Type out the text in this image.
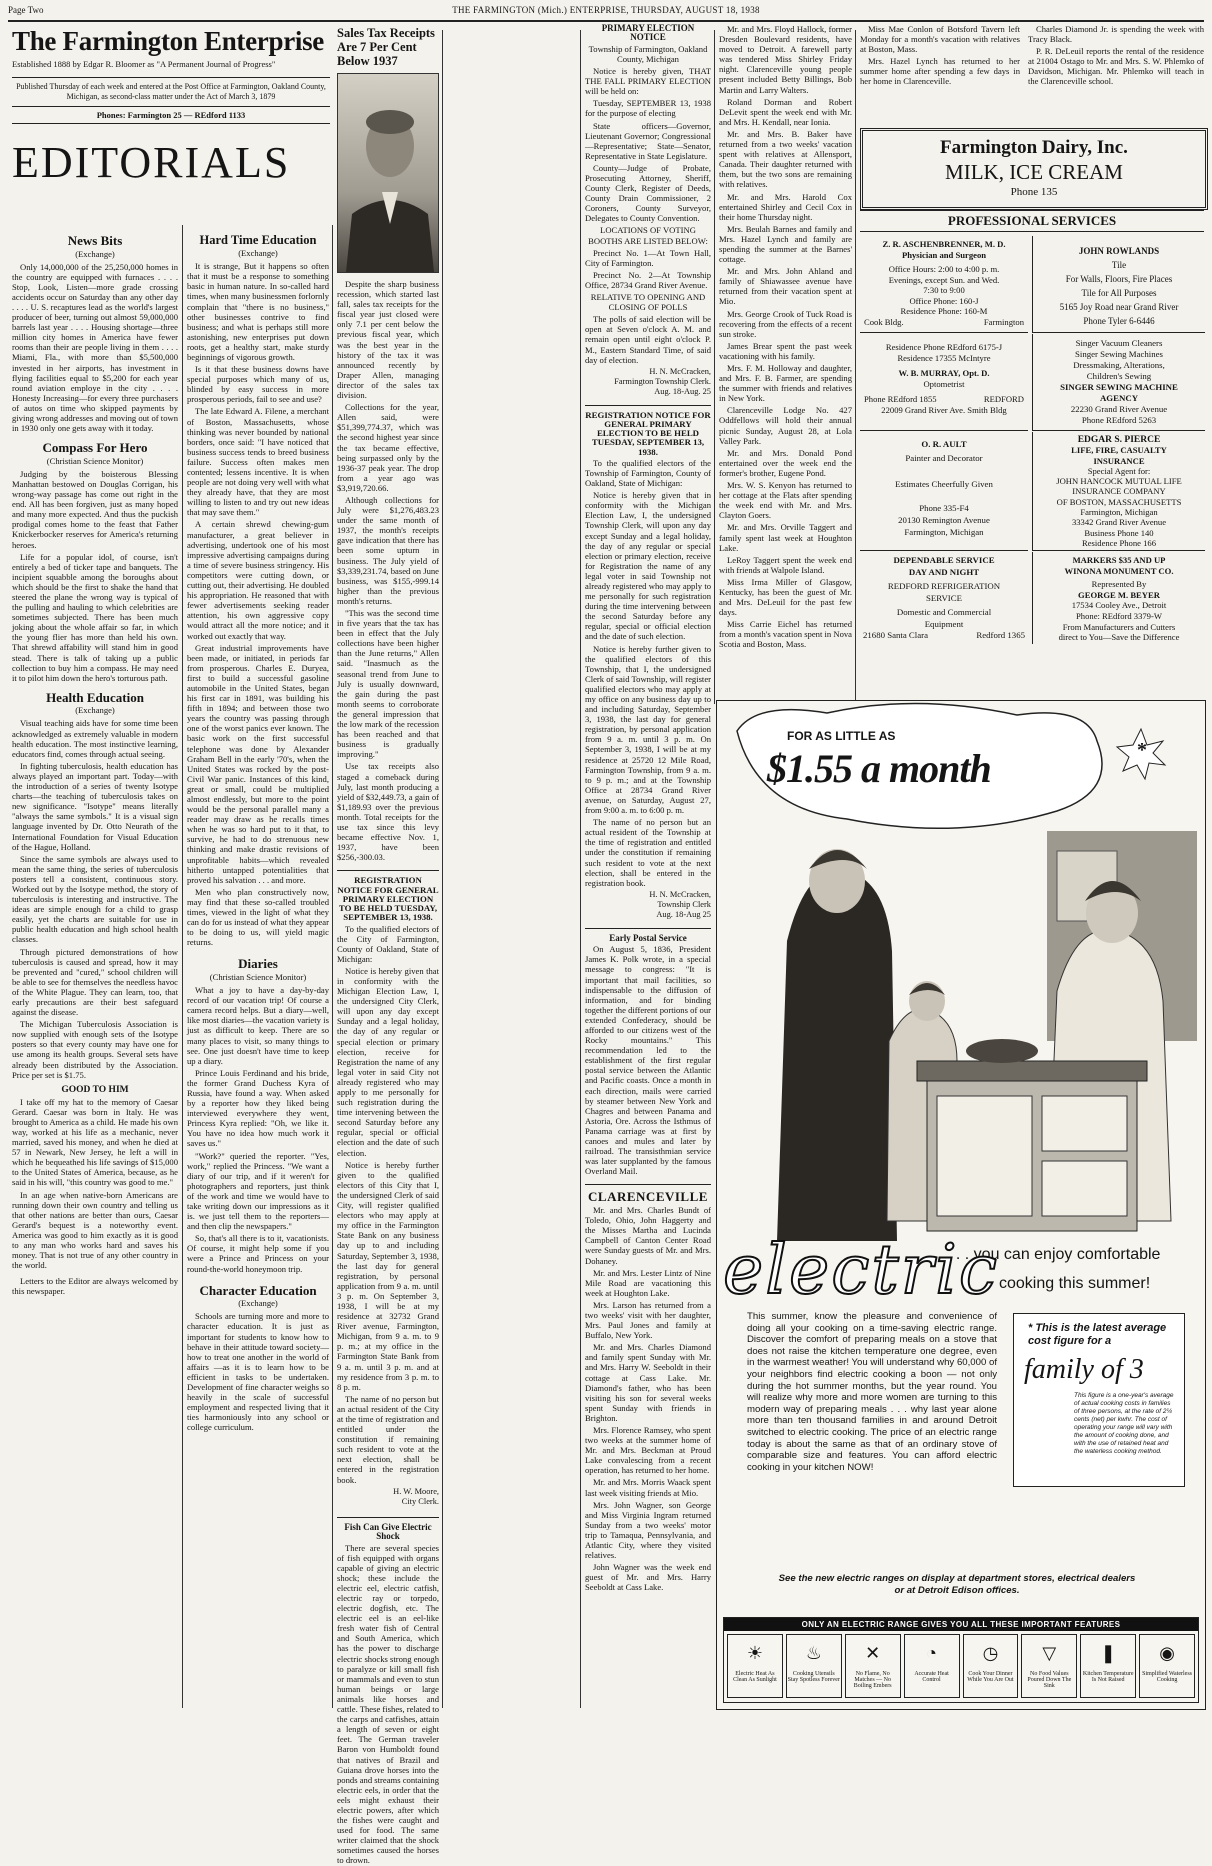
Page Two	THE FARMINGTON (Mich.) ENTERPRISE, THURSDAY, AUGUST 18, 1938
The Farmington Enterprise
Established 1888 by Edgar R. Bloomer as "A Permanent Journal of Progress"
Published Thursday of each week and entered at the Post Office at Farmington, Oakland County, Michigan, as second-class matter under the Act of March 3, 1879
Phones: Farmington 25 — REdford 1133
EDITORIALS
News Bits
(Exchange)

Only 14,000,000 of the 25,250,000 homes in the country are equipped with furnaces . . . . Stop, Look, Listen—more grade crossing accidents occur on Saturday than any other day . . . . U. S. recaptures lead as the world's largest producer of beer, turning out almost 59,000,000 barrels last year . . . . Housing shortage—three million city homes in America have fewer rooms than their are people living in them . . . . Miami, Fla., with more than $5,500,000 invested in her airports, has investment in flying facilities equal to $5,200 for each year round aviation employe in the city . . . . Honesty Increasing—for every three purchasers of autos on time who skipped payments by giving wrong addresses and moving out of town in 1930 only one gets away with it today.

Compass For Hero
(Christian Science Monitor)

Judging by the boisterous Blessing Manhattan bestowed on Douglas Corrigan, his wrong-way passage has come out right in the end. All has been forgiven, just as many hoped and many more expected. And thus the puckish prodigal comes home to the feast that Father Knickerbocker reserves for America's returning heroes.

Life for a popular idol, of course, isn't entirely a bed of ticker tape and banquets. The incipient squabble among the boroughs about which should be the first to shake the hand that steered the plane the wrong way is typical of the pulling and hauling to which celebrities are sometimes subjected. There has been much joking about the whole affair so far, in which the young flier has more than held his own. That shrewd affability will stand him in good stead. There is talk of taking up a public collection to buy him a compass. He may need it to pilot him down the hero's torturous path.

Health Education
(Exchange)

Visual teaching aids have for some time been acknowledged as extremely valuable in modern health education. The most instinctive learning, educators find, comes through actual seeing.

In fighting tuberculosis, health education has always played an important part. Today—with the introduction of a series of twenty Isotype charts—the teaching of tuberculosis takes on new significance. "Isotype" means literally "always the same symbols." It is a visual sign language invented by Dr. Otto Neurath of the International Foundation for Visual Education of the Hague, Holland.

Since the same symbols are always used to mean the same thing, the series of tuberculosis posters tell a consistent, continuous story. Worked out by the Isotype method, the story of tuberculosis is interesting and instructive. The ideas are simple enough for a child to grasp easily, yet the charts are suitable for use in public health education and high school health classes.

Through pictured demonstrations of how tuberculosis is caused and spread, how it may be prevented and "cured," school children will be able to see for themselves the needless havoc of the White Plague. They can learn, too, that early precautions are their best safeguard against the disease.

The Michigan Tuberculosis Association is now supplied with enough sets of the Isotype posters so that every county may have one for use among its health groups. Several sets have already been distributed by the Association. Price per set is $1.75.

GOOD TO HIM

I take off my hat to the memory of Caesar Gerard. Caesar was born in Italy. He was brought to America as a child. He made his own way, worked at his life as a mechanic, never married, saved his money, and when he died at 57 in Newark, New Jersey, he left a will in which he bequeathed his life savings of $15,000 to the United States of America, because, as he said in his will, "this country was good to me."

In an age when native-born Americans are running down their own country and telling us that other nations are better than ours, Caesar Gerard's bequest is a noteworthy event. America was good to him exactly as it is good to any man who works hard and saves his money. That is not true of any other country in the world.

Letters to the Editor are always welcomed by this newspaper.

Hard Time Education
(Exchange)

It is strange, But it happens so often that it must be a response to something basic in human nature. In so-called hard times, when many businessmen forlornly complain that "there is no business," other businesses contrive to find business; and what is perhaps still more astonishing, new enterprises put down roots, get a healthy start, make sturdy beginnings of vigorous growth.

Is it that these business downs have special purposes which many of us, blinded by easy success in more prosperous periods, fail to see and use?

The late Edward A. Filene, a merchant of Boston, Massachusetts, whose thinking was never bounded by national borders, once said: "I have noticed that business success tends to breed business failure. Success often makes men contented; lessens incentive. It is when people are not doing very well with what they already have, that they are most willing to listen to and try out new ideas that may save them."

A certain shrewd chewing-gum manufacturer, a great believer in advertising, undertook one of his most impressive advertising campaigns during a time of severe business stringency. His competitors were cutting down, or cutting out, their advertising. He doubled his appropriation. He reasoned that with fewer advertisements seeking reader attention, his own aggressive copy would attract all the more notice; and it worked out exactly that way.

Great industrial improvements have been made, or initiated, in periods far from prosperous. Charles E. Duryea, first to build a successful gasoline automobile in the United States, began his first car in 1891, was building his fifth in 1894; and between those two years the country was passing through one of the worst panics ever known. The basic work on the first successful telephone was done by Alexander Graham Bell in the early '70's, when the United States was rocked by the post-Civil War panic. Instances of this kind, great or small, could be multiplied almost endlessly, but more to the point would be the personal parallel many a reader may draw as he recalls times when he was so hard put to it that, to survive, he had to do strenuous new thinking and make drastic revisions of unprofitable habits—which revealed hitherto untapped potentialities that proved his salvation . . . and more.

Men who plan constructively now, may find that these so-called troubled times, viewed in the light of what they can do for us instead of what they appear to be doing to us, will yield magic returns.

Diaries
(Christian Science Monitor)

What a joy to have a day-by-day record of our vacation trip! Of course a camera record helps. But a diary—well, like most diaries—the vacation variety is just as difficult to keep. There are so many places to visit, so many things to see. One just doesn't have time to keep up a diary.

Prince Louis Ferdinand and his bride, the former Grand Duchess Kyra of Russia, have found a way. When asked by a reporter how they liked being interviewed everywhere they went, Princess Kyra replied: "Oh, we like it. You have no idea how much work it saves us."

"Work?" queried the reporter. "Yes, work," replied the Princess. "We want a diary of our trip, and if it weren't for photographers and reporters, just think of the work and time we would have to take writing down our impressions as it is. we just tell them to the reporters—and then clip the newspapers."

So, that's all there is to it, vacationists. Of course, it might help some if you were a Prince and Princess on your round-the-world honeymoon trip.

Character Education
(Exchange)

Schools are turning more and more to character education. It is just as important for students to know how to behave in their attitude toward society—how to treat one another in the world of affairs —as it is to learn how to be efficient in tasks to be undertaken. Development of fine character weighs so heavily in the scale of successful employment and respected living that it ties harmoniously into any school or college curriculum.

Sales Tax Receipts Are 7 Per Cent Below 1937

Despite the sharp business recession, which started last fall, sales tax receipts for the fiscal year just closed were only 7.1 per cent below the previous fiscal year, which was the best year in the history of the tax it was announced recently by Draper Allen, managing director of the sales tax division.

Collections for the year, Allen said, were $51,399,774.37, which was the second highest year since the tax became effective, being surpassed only by the 1936-37 peak year. The drop from a year ago was $3,919,720.66.

Although collections for July were $1,276,483.23 under the same month of 1937, the month's receipts gave indication that there has been some upturn in business. The July yield of $3,339,231.74, based on June business, was $155,-999.14 higher than the previous month's returns.

"This was the second time in five years that the tax has been in effect that the July collections have been higher than the June returns," Allen said. "Inasmuch as the seasonal trend from June to July is usually downward, the gain during the past month seems to corroborate the general impression that the low mark of the recession has been reached and that business is gradually improving."

Use tax receipts also staged a comeback during July, last month producing a yield of $32,449.73, a gain of $1,189.93 over the previous month. Total receipts for the use tax since this levy became effective Nov. 1, 1937, have been $256,-300.03.

REGISTRATION NOTICE FOR GENERAL PRIMARY ELECTION TO BE HELD TUESDAY, SEPTEMBER 13, 1938.

To the qualified electors of the City of Farmington, County of Oakland, State of Michigan:

Notice is hereby given that in conformity with the Michigan Election Law, I, the undersigned City Clerk, will upon any day except Sunday and a legal holiday, the day of any regular or special election or primary election, receive for Registration the name of any legal voter in said City not already registered who may apply to me personally for such registration during the time intervening between the second Saturday before any regular, special or official election and the date of such election.

Notice is hereby further given to the qualified electors of this City that I, the undersigned Clerk of said City, will register qualified electors who may apply at my office in the Farmington State Bank on any business day up to and including Saturday, September 3, 1938, the last day for general registration, by personal application from 9 a. m. until 3 p. m. On September 3, 1938, I will be at my residence at 32732 Grand River avenue, Farmington, Michigan, from 9 a. m. to 9 p. m.; at my office in the Farmington State Bank from 9 a. m. until 3 p. m. and at my residence from 3 p. m. to 8 p. m.

The name of no person but an actual resident of the City at the time of registration and entitled under the constitution if remaining such resident to vote at the next election, shall be entered in the registration book.

H. W. Moore,
City Clerk.
Fish Can Give Electric Shock

There are several species of fish equipped with organs capable of giving an electric shock; these include the electric eel, electric catfish, electric ray or torpedo, electric dogfish, etc. The electric eel is an eel-like fresh water fish of Central and South America, which has the power to discharge electric shocks strong enough to paralyze or kill small fish or mammals and even to stun human beings or large animals like horses and cattle. These fishes, related to the carps and catfishes, attain a length of seven or eight feet. The German traveler Baron von Humboldt found that natives of Brazil and Guiana drove horses into the ponds and streams containing electric eels, in order that the eels might exhaust their electric powers, after which the fishes were caught and used for food. The same writer claimed that the shock sometimes caused the horses to drown.

PRIMARY ELECTION NOTICE

Township of Farmington, Oakland County, Michigan

Notice is hereby given, THAT THE FALL PRIMARY ELECTION will be held on:

Tuesday, SEPTEMBER 13, 1938 for the purpose of electing

State officers—Governor, Lieutenant Governor; Congressional—Representative; State—Senator, Representative in State Legislature.

County—Judge of Probate, Prosecuting Attorney, Sheriff, County Clerk, Register of Deeds, County Drain Commissioner, 2 Coroners, County Surveyor, Delegates to County Convention.

LOCATIONS OF VOTING BOOTHS ARE LISTED BELOW:

Precinct No. 1—At Town Hall, City of Farmington.

Precinct No. 2—At Township Office, 28734 Grand River Avenue.

RELATIVE TO OPENING AND CLOSING OF POLLS

The polls of said election will be open at Seven o'clock A. M. and remain open until eight o'clock P. M., Eastern Standard Time, of said day of election.

H. N. McCracken,
Farmington Township Clerk.
Aug. 18-Aug. 25
REGISTRATION NOTICE FOR GENERAL PRIMARY ELECTION TO BE HELD TUESDAY, SEPTEMBER 13, 1938.

To the qualified electors of the Township of Farmington, County of Oakland, State of Michigan:

Notice is hereby given that in conformity with the Michigan Election Law, I, the undersigned Township Clerk, will upon any day except Sunday and a legal holiday, the day of any regular or special election or primary election, receive for Registration the name of any legal voter in said Township not already registered who may apply to me personally for such registration during the time intervening between the second Saturday before any regular, special or official election and the date of such election.

Notice is hereby further given to the qualified electors of this Township, that I, the undersigned Clerk of said Township, will register qualified electors who may apply at my office on any business day up to and including Saturday, September 3, 1938, the last day for general registration, by personal application from 9 a. m. until 3 p. m. On September 3, 1938, I will be at my residence at 25720 12 Mile Road, Farmington Township, from 9 a. m. to 9 p. m.; and at the Township Office at 28734 Grand River avenue, on Saturday, August 27, from 9:00 a. m. to 6:00 p. m.

The name of no person but an actual resident of the Township at the time of registration and entitled under the constitution if remaining such resident to vote at the next election, shall be entered in the registration book.

H. N. McCracken,
Township Clerk
Aug. 18-Aug 25
Early Postal Service

On August 5, 1836, President James K. Polk wrote, in a special message to congress: "It is important that mail facilities, so indispensable to the diffusion of information, and for binding together the different portions of our extended Confederacy, should be afforded to our citizens west of the Rocky mountains." This recommendation led to the establishment of the first regular postal service between the Atlantic and Pacific coasts. Once a month in each direction, mails were carried by steamer between New York and Chagres and between Panama and Astoria, Ore. Across the Isthmus of Panama carriage was at first by canoes and mules and later by railroad. The transisthmian service was later supplanted by the famous Overland Mail.

CLARENCEVILLE

Mr. and Mrs. Charles Bundt of Toledo, Ohio, John Haggerty and the Misses Martha and Lucinda Campbell of Canton Center Road were Sunday guests of Mr. and Mrs. Dohaney.

Mr. and Mrs. Lester Lintz of Nine Mile Road are vacationing this week at Houghton Lake.

Mrs. Larson has returned from a two weeks' visit with her daughter, Mrs. Paul Jones and family at Buffalo, New York.

Mr. and Mrs. Charles Diamond and family spent Sunday with Mr. and Mrs. Harry W. Seeboldt in their cottage at Cass Lake. Mr. Diamond's father, who has been visiting his son for several weeks spent Sunday with friends in Brighton.

Mrs. Florence Ramsey, who spent two weeks at the summer home of Mr. and Mrs. Beckman at Proud Lake convalescing from a recent operation, has returned to her home.

Mr. and Mrs. Morris Waack spent last week visiting friends at Mio.

Mrs. John Wagner, son George and Miss Virginia Ingram returned Sunday from a two weeks' motor trip to Tamaqua, Pennsylvania, and Atlantic City, where they visited relatives.

John Wagner was the week end guest of Mr. and Mrs. Harry Seeboldt at Cass Lake.

Mr. and Mrs. Floyd Hallock, former Dresden Boulevard residents, have moved to Detroit. A farewell party was tendered Miss Shirley Friday night. Clarenceville young people present included Betty Billings, Bob Martin and Larry Walters.

Roland Dorman and Robert DeLevit spent the week end with Mr. and Mrs. H. Kendall, near Ionia.

Mr. and Mrs. B. Baker have returned from a two weeks' vacation spent with relatives at Allensport, Canada. Their daughter returned with them, but the two sons are remaining with relatives.

Mr. and Mrs. Harold Cox entertained Shirley and Cecil Cox in their home Thursday night.

Mrs. Beulah Barnes and family and Mrs. Hazel Lynch and family are spending the summer at the Barnes' cottage.

Mr. and Mrs. John Ahland and family of Shiawassee avenue have returned from their vacation spent at Mio.

Mrs. George Crook of Tuck Road is recovering from the effects of a recent sun stroke.

James Brear spent the past week vacationing with his family.

Mrs. F. M. Holloway and daughter, and Mrs. F. B. Farmer, are spending the summer with friends and relatives in New York.

Clarenceville Lodge No. 427 Oddfellows will hold their annual picnic Sunday, August 28, at Lola Valley Park.

Mr. and Mrs. Donald Pond entertained over the week end the former's brother, Eugene Pond.

Mrs. W. S. Kenyon has returned to her cottage at the Flats after spending the week end with Mr. and Mrs. Clayton Goers.

Mr. and Mrs. Orville Taggert and family spent last week at Houghton Lake.

LeRoy Taggert spent the week end with friends at Walpole Island.

Miss Irma Miller of Glasgow, Kentucky, has been the guest of Mr. and Mrs. DeLeuil for the past few days.

Miss Carrie Eichel has returned from a month's vacation spent in Nova Scotia and Boston, Mass.

Miss Mae Conlon of Botsford Tavern left Monday for a month's vacation with relatives at Boston, Mass.

Mrs. Hazel Lynch has returned to her summer home after spending a few days in her home in Clarenceville.

Charles Diamond Jr. is spending the week with Tracy Black.

P. R. DeLeuil reports the rental of the residence at 21004 Ostago to Mr. and Mrs. S. W. Phlemko of Davidson, Michigan. Mr. Phlemko will teach in the Clarenceville school.

Farmington Dairy, Inc.
MILK, ICE CREAM
Phone 135
PROFESSIONAL SERVICES
Z. R. ASCHENBRENNER, M. D.
Physician and Surgeon
Office Hours: 2:00 to 4:00 p. m.
Evenings, except Sun. and Wed.
7:30 to 9:00
Office Phone: 160-J
Residence Phone: 160-M
Cook Bldg.	Farmington
JOHN ROWLANDS
Tile
For Walls, Floors, Fire Places
Tile for All Purposes
5165 Joy Road near Grand River
Phone Tyler 6-6446
Residence Phone REdford 6175-J
Residence 17355 McIntyre
W. B. MURRAY, Opt. D.
Optometrist
Phone REdford 1855	REDFORD
22009 Grand River Ave. Smith Bldg
Singer Vacuum Cleaners
Singer Sewing Machines
Dressmaking, Alterations,
Children's Sewing
SINGER SEWING MACHINE
AGENCY
22230 Grand River Avenue
Phone REdford 5263
O. R. AULT
Painter and Decorator
Estimates Cheerfully Given
Phone 335-F4
20130 Remington Avenue
Farmington, Michigan
EDGAR S. PIERCE
LIFE, FIRE, CASUALTY
INSURANCE
Special Agent for:
JOHN HANCOCK MUTUAL LIFE
INSURANCE COMPANY
OF BOSTON, MASSACHUSETTS
Farmington, Michigan
33342 Grand River Avenue
Business Phone 140
Residence Phone 166
DEPENDABLE SERVICE
DAY AND NIGHT
REDFORD REFRIGERATION
SERVICE
Domestic and Commercial
Equipment
21680 Santa Clara	Redford 1365
MARKERS $35 AND UP
WINONA MONUMENT CO.
Represented By
GEORGE M. BEYER
17534 Cooley Ave., Detroit
Phone: REdford 3379-W
From Manufacturers and Cutters
direct to You—Save the Difference
FOR AS LITTLE AS
$1.55 a month	*
. . . you can enjoy comfortable
electric cooking this summer!

This summer, know the pleasure and convenience of doing all your cooking on a time-saving electric range. Discover the comfort of preparing meals on a stove that does not raise the kitchen temperature one degree, even in the warmest weather! You will understand why 60,000 of your neighbors find electric cooking a boon — not only during the hot summer months, but the year round. You will realize why more and more women are turning to this modern way of preparing meals . . . why last year alone more than ten thousand families in and around Detroit switched to electric cooking. The price of an electric range today is about the same as that of an ordinary stove of comparable size and features. You can afford electric cooking in your kitchen NOW!

* This is the latest average cost figure for a
family of 3

This figure is a one-year's average of actual cooking costs in families of three persons, at the rate of 2¼ cents (net) per kwhr. The cost of operating your range will vary with the amount of cooking done, and with the use of retained heat and the waterless cooking method.

See the new electric ranges on display at department stores, electrical dealers or at Detroit Edison offices.
ONLY AN ELECTRIC RANGE GIVES YOU ALL THESE IMPORTANT FEATURES
☀
Electric Heat As Clean As Sunlight
♨
Cooking Utensils Stay Spotless Forever
✕
No Flame, No Matches — No Boiling Embers
◔
Accurate Heat Control
◷
Cook Your Dinner While You Are Out
▽
No Food Values Poured Down The Sink
❚
Kitchen Temperature Is Not Raised
◉
Simplified Waterless Cooking
